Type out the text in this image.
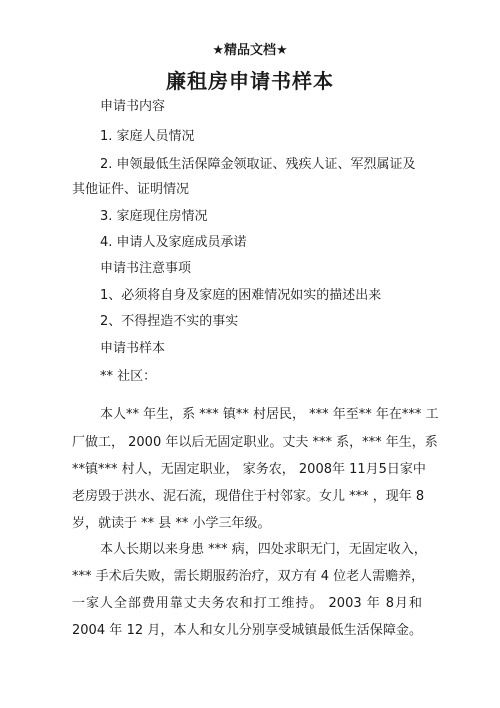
★精品文档★
廉租房申请书样本
申请书内容
1. 家庭人员情况
2. 申领最低生活保障金领取证、残疾人证、军烈属证及
其他证件、证明情况
3. 家庭现住房情况
4. 申请人及家庭成员承诺
申请书注意事项
1、必须将自身及家庭的困难情况如实的描述出来
2、不得捏造不实的事实
申请书样本
** 社区：
本人** 年生，系 *** 镇** 村居民， *** 年至** 年在*** 工
厂做工， 2000 年以后无固定职业。丈夫 *** 系，*** 年生，系
**镇*** 村人，无固定职业， 家务农， 2008年 11月5日家中
老房毁于洪水、泥石流，现借住于村邻家。女儿 *** ，现年 8
岁，就读于 ** 县 ** 小学三年级。
本人长期以来身患 *** 病，四处求职无门，无固定收入，
*** 手术后失败，需长期服药治疗，双方有 4 位老人需赡养，
一家人全部费用靠丈夫务农和打工维持。 2003 年 8月和
2004 年 12 月，本人和女儿分别享受城镇最低生活保障金。
